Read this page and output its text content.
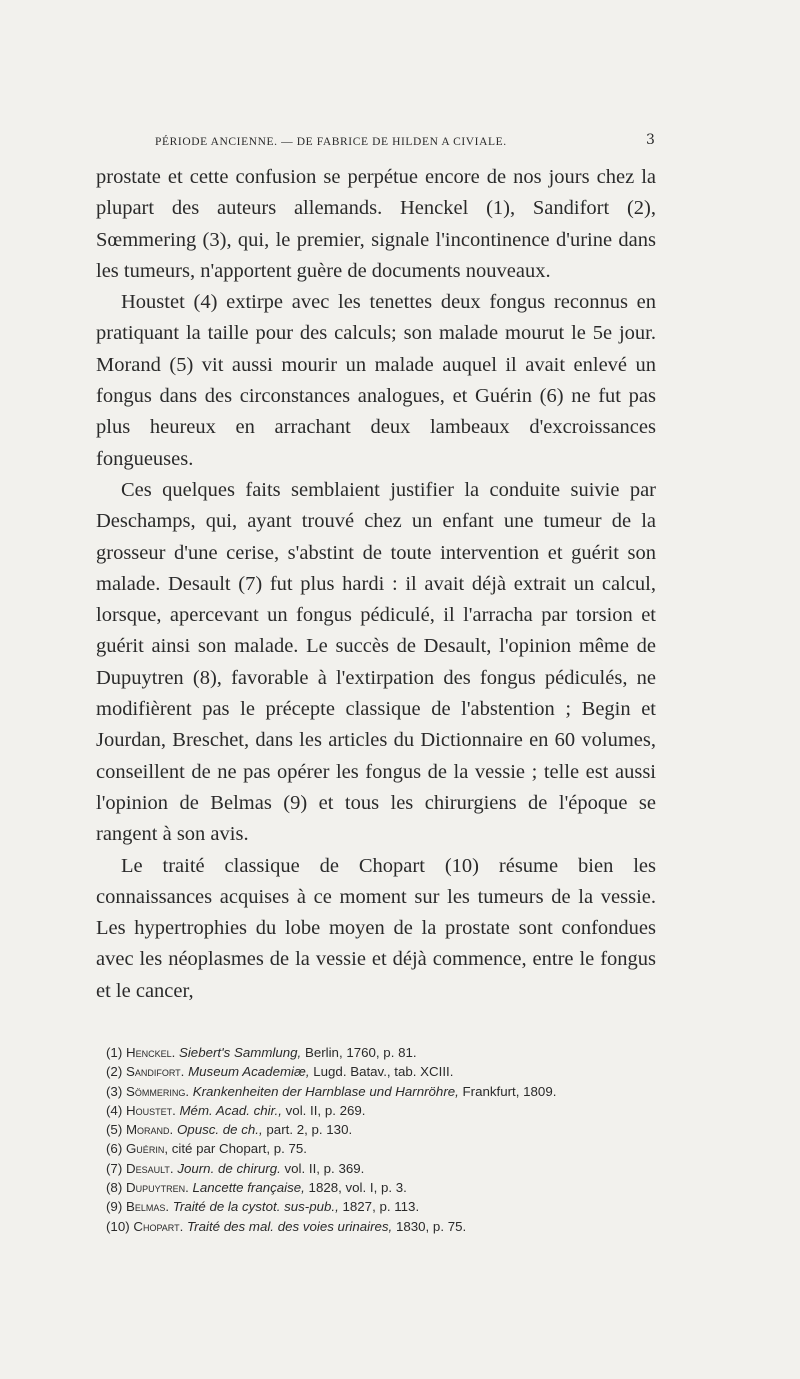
PÉRIODE ANCIENNE. — DE FABRICE DE HILDEN A CIVIALE.	3

prostate et cette confusion se perpétue encore de nos jours chez la plupart des auteurs allemands. Henckel (1), Sandifort (2), Sœmmering (3), qui, le premier, signale l'incontinence d'urine dans les tumeurs, n'apportent guère de documents nouveaux.

Houstet (4) extirpe avec les tenettes deux fongus reconnus en pratiquant la taille pour des calculs; son malade mourut le 5e jour. Morand (5) vit aussi mourir un malade auquel il avait enlevé un fongus dans des circonstances analogues, et Guérin (6) ne fut pas plus heureux en arrachant deux lambeaux d'excroissances fongueuses.

Ces quelques faits semblaient justifier la conduite suivie par Deschamps, qui, ayant trouvé chez un enfant une tumeur de la grosseur d'une cerise, s'abstint de toute intervention et guérit son malade. Desault (7) fut plus hardi : il avait déjà extrait un calcul, lorsque, apercevant un fongus pédiculé, il l'arracha par torsion et guérit ainsi son malade. Le succès de Desault, l'opinion même de Dupuytren (8), favorable à l'extirpation des fongus pédiculés, ne modifièrent pas le précepte classique de l'abstention ; Begin et Jourdan, Breschet, dans les articles du Dictionnaire en 60 volumes, conseillent de ne pas opérer les fongus de la vessie ; telle est aussi l'opinion de Belmas (9) et tous les chirurgiens de l'époque se rangent à son avis.

Le traité classique de Chopart (10) résume bien les connaissances acquises à ce moment sur les tumeurs de la vessie. Les hypertrophies du lobe moyen de la prostate sont confondues avec les néoplasmes de la vessie et déjà commence, entre le fongus et le cancer,

(1) Henckel. Siebert's Sammlung, Berlin, 1760, p. 81.
(2) Sandifort. Museum Academiæ, Lugd. Batav., tab. XCIII.
(3) Sömmering. Krankenheiten der Harnblase und Harnröhre, Frankfurt, 1809.
(4) Houstet. Mém. Acad. chir., vol. II, p. 269.
(5) Morand. Opusc. de ch., part. 2, p. 130.
(6) Guérin, cité par Chopart, p. 75.
(7) Desault. Journ. de chirurg. vol. II, p. 369.
(8) Dupuytren. Lancette française, 1828, vol. I, p. 3.
(9) Belmas. Traité de la cystot. sus-pub., 1827, p. 113.
(10) Chopart. Traité des mal. des voies urinaires, 1830, p. 75.
